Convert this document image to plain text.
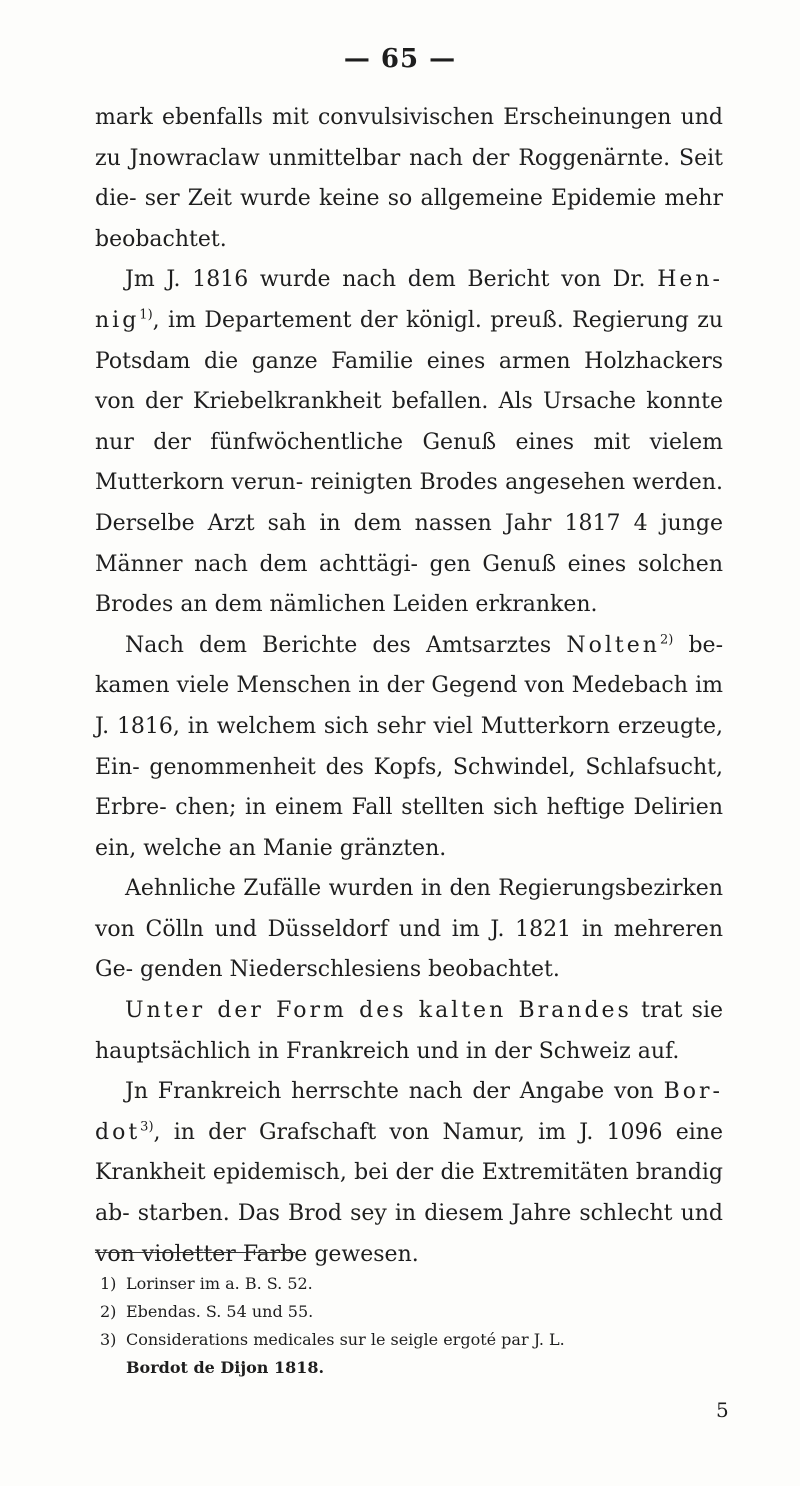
— 65 —

mark ebenfalls mit convulsivischen Erscheinungen und zu Jnowraclaw unmittelbar nach der Roggenärnte. Seit die- ser Zeit wurde keine so allgemeine Epidemie mehr beobachtet.

Jm J. 1816 wurde nach dem Bericht von Dr. Hen- nig$^{1)}$, im Departement der königl. preuß. Regierung zu Potsdam die ganze Familie eines armen Holzhackers von der Kriebelkrankheit befallen. Als Ursache konnte nur der fünfwöchentliche Genuß eines mit vielem Mutterkorn verun- reinigten Brodes angesehen werden. Derselbe Arzt sah in dem nassen Jahr 1817 4 junge Männer nach dem achttägi- gen Genuß eines solchen Brodes an dem nämlichen Leiden erkranken.

Nach dem Berichte des Amtsarztes Nolten$^{2)}$ be- kamen viele Menschen in der Gegend von Medebach im J. 1816, in welchem sich sehr viel Mutterkorn erzeugte, Ein- genommenheit des Kopfs, Schwindel, Schlafsucht, Erbre- chen; in einem Fall stellten sich heftige Delirien ein, welche an Manie gränzten.

Aehnliche Zufälle wurden in den Regierungsbezirken von Cölln und Düsseldorf und im J. 1821 in mehreren Ge- genden Niederschlesiens beobachtet.

Unter der Form des kalten Brandes trat sie hauptsächlich in Frankreich und in der Schweiz auf.

Jn Frankreich herrschte nach der Angabe von Bor- dot$^{3)}$, in der Grafschaft von Namur, im J. 1096 eine Krankheit epidemisch, bei der die Extremitäten brandig ab- starben. Das Brod sey in diesem Jahre schlecht und von violetter Farbe gewesen.

1) Lorinser im a. B. S. 52.
2) Ebendas. S. 54 und 55.
3) Considerations medicales sur le seigle ergoté par J. L.
Bordot de Dijon 1818.
5
